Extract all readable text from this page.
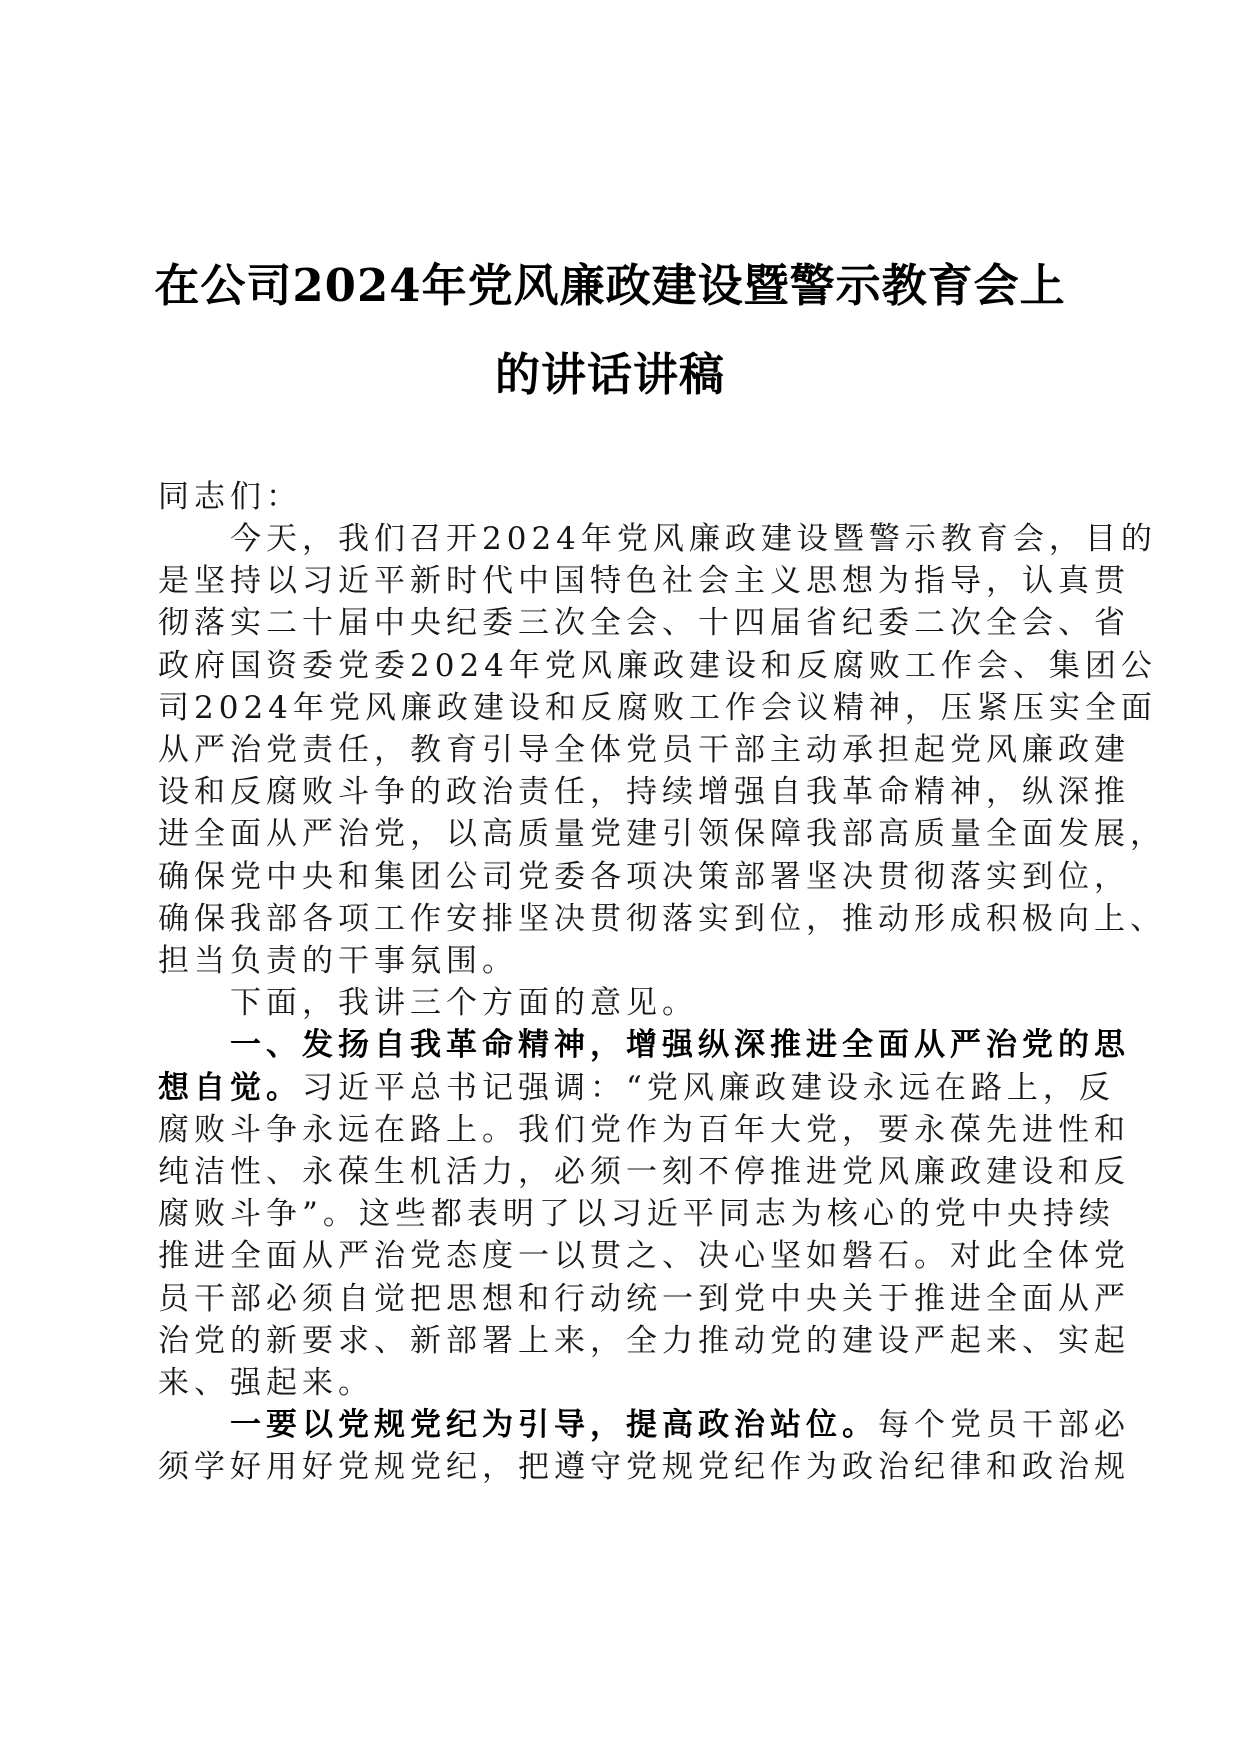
在公司2024年党风廉政建设暨警示教育会上
的讲话讲稿
同志们：
　　今天，我们召开2024年党风廉政建设暨警示教育会，目的
是坚持以习近平新时代中国特色社会主义思想为指导，认真贯
彻落实二十届中央纪委三次全会、十四届省纪委二次全会、省
政府国资委党委2024年党风廉政建设和反腐败工作会、集团公
司2024年党风廉政建设和反腐败工作会议精神，压紧压实全面
从严治党责任，教育引导全体党员干部主动承担起党风廉政建
设和反腐败斗争的政治责任，持续增强自我革命精神，纵深推
进全面从严治党，以高质量党建引领保障我部高质量全面发展，
确保党中央和集团公司党委各项决策部署坚决贯彻落实到位，
确保我部各项工作安排坚决贯彻落实到位，推动形成积极向上、
担当负责的干事氛围。
　　下面，我讲三个方面的意见。
　　一、发扬自我革命精神，增强纵深推进全面从严治党的思
想自觉。习近平总书记强调：“党风廉政建设永远在路上，反
腐败斗争永远在路上。我们党作为百年大党，要永葆先进性和
纯洁性、永葆生机活力，必须一刻不停推进党风廉政建设和反
腐败斗争”。这些都表明了以习近平同志为核心的党中央持续
推进全面从严治党态度一以贯之、决心坚如磐石。对此全体党
员干部必须自觉把思想和行动统一到党中央关于推进全面从严
治党的新要求、新部署上来，全力推动党的建设严起来、实起
来、强起来。
　　一要以党规党纪为引导，提高政治站位。每个党员干部必
须学好用好党规党纪，把遵守党规党纪作为政治纪律和政治规
